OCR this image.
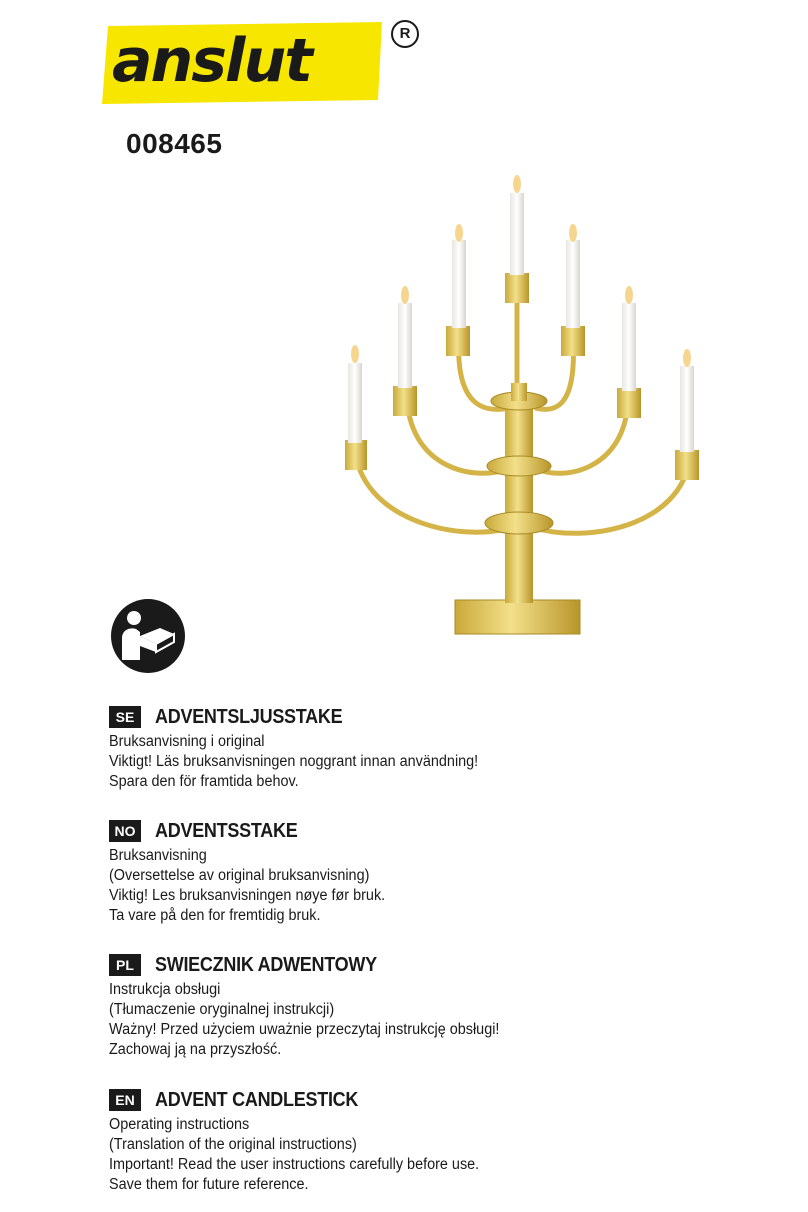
anslut	R
008465
SE	ADVENTSLJUSSTAKE
Bruksanvisning i original
Viktigt! Läs bruksanvisningen noggrant innan användning!
Spara den för framtida behov.
NO ADVENTSSTAKE
Bruksanvisning
(Oversettelse av original bruksanvisning)
Viktig! Les bruksanvisningen nøye før bruk.
Ta vare på den for fremtidig bruk.
PL	SWIECZNIK ADWENTOWY
Instrukcja obsługi
(Tłumaczenie oryginalnej instrukcji)
Ważny! Przed użyciem uważnie przeczytaj instrukcję obsługi!
Zachowaj ją na przyszłość.
EN	ADVENT CANDLESTICK
Operating instructions
(Translation of the original instructions)
Important! Read the user instructions carefully before use.
Save them for future reference.
